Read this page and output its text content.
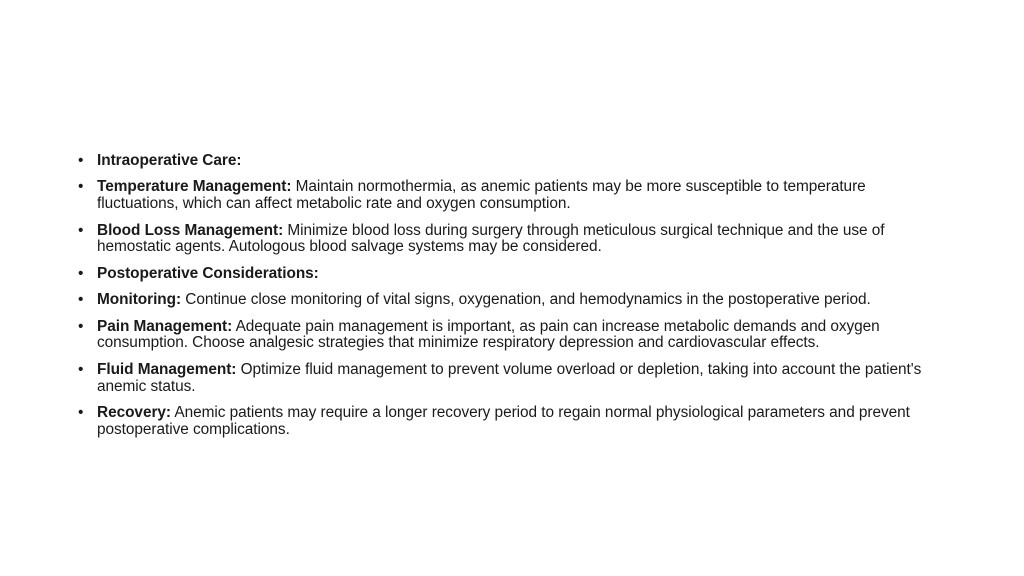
• Intraoperative Care:
• Temperature Management: Maintain normothermia, as anemic patients may be more susceptible to temperature fluctuations, which can affect metabolic rate and oxygen consumption.
• Blood Loss Management: Minimize blood loss during surgery through meticulous surgical technique and the use of hemostatic agents. Autologous blood salvage systems may be considered.
• Postoperative Considerations:
• Monitoring: Continue close monitoring of vital signs, oxygenation, and hemodynamics in the postoperative period.
• Pain Management: Adequate pain management is important, as pain can increase metabolic demands and oxygen consumption. Choose analgesic strategies that minimize respiratory depression and cardiovascular effects.
• Fluid Management: Optimize fluid management to prevent volume overload or depletion, taking into account the patient's anemic status.
• Recovery: Anemic patients may require a longer recovery period to regain normal physiological parameters and prevent postoperative complications.
